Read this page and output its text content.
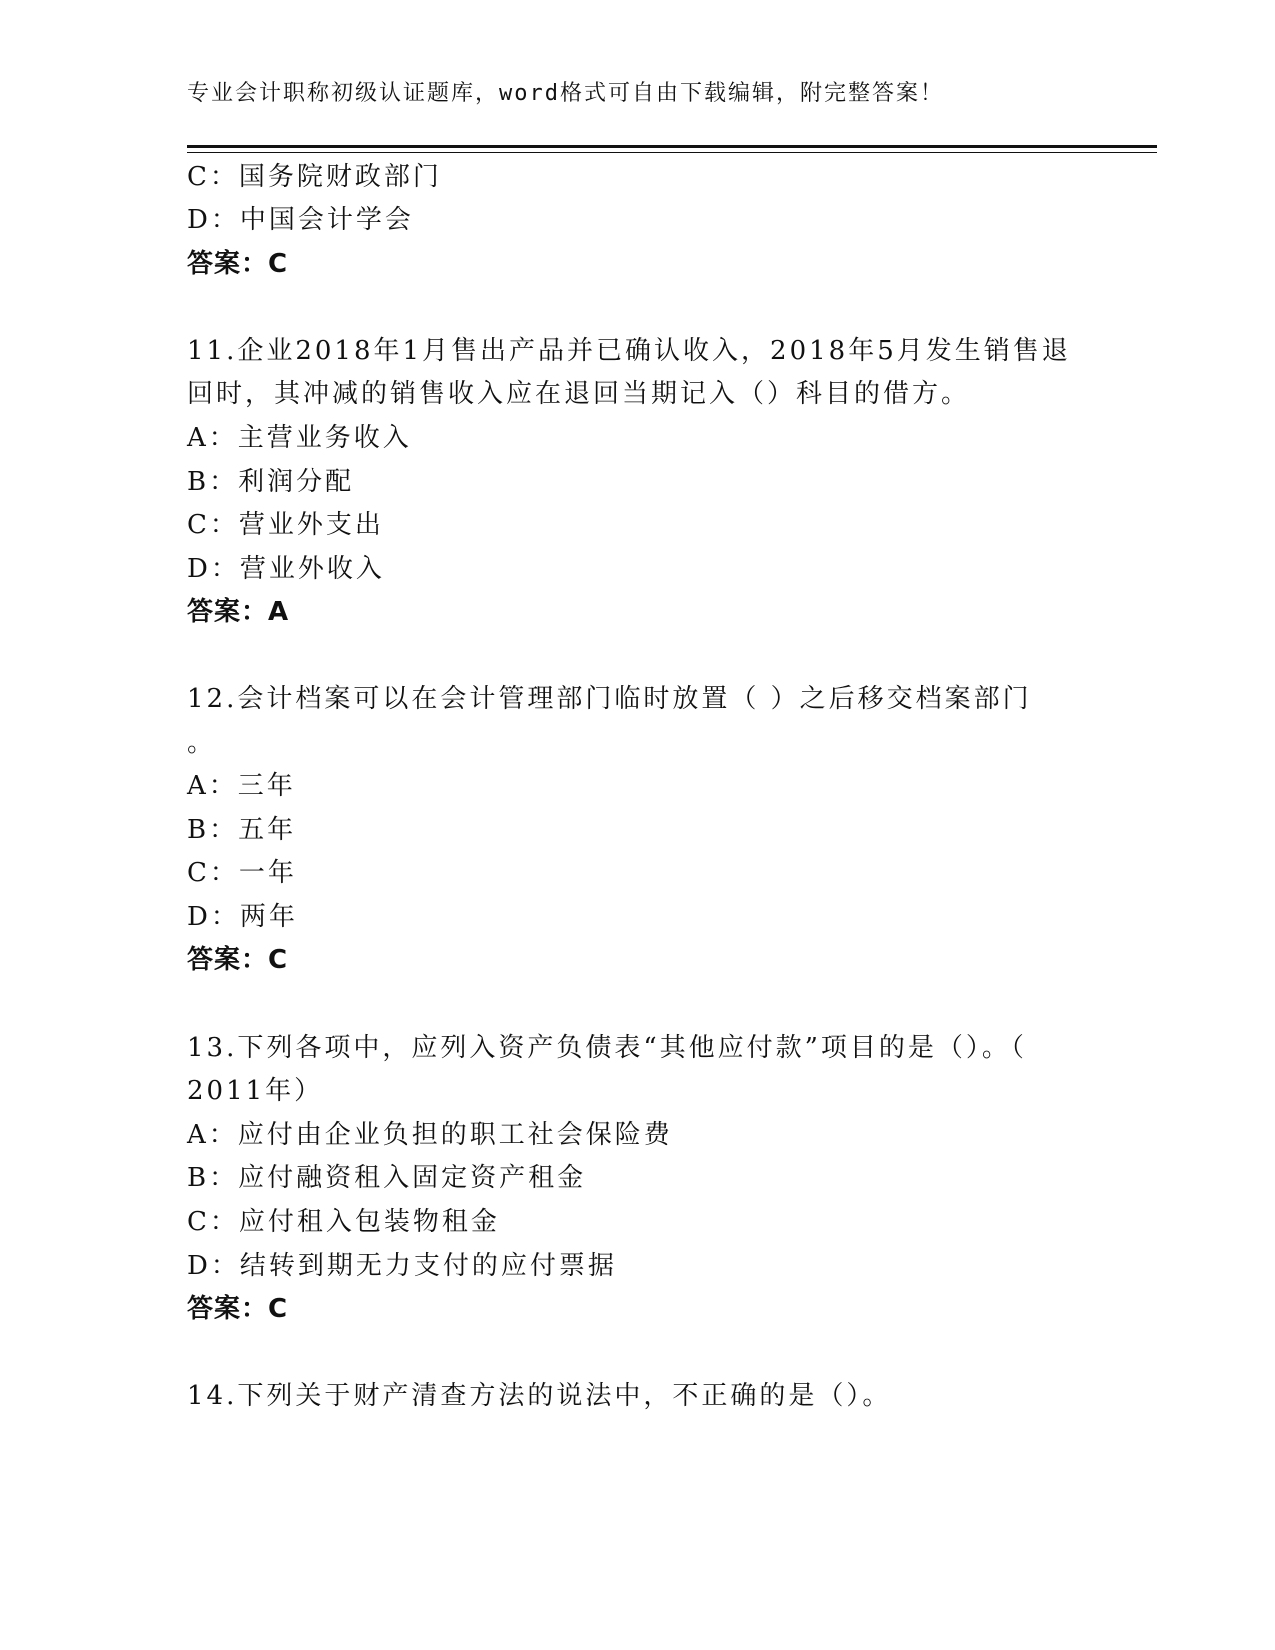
专业会计职称初级认证题库，word格式可自由下载编辑，附完整答案！
C：国务院财政部门
D：中国会计学会
答案：C
11.企业2018年1月售出产品并已确认收入，2018年5月发生销售退
回时，其冲减的销售收入应在退回当期记入（）科目的借方。
A：主营业务收入
B：利润分配
C：营业外支出
D：营业外收入
答案：A
12.会计档案可以在会计管理部门临时放置（ ）之后移交档案部门
。
A：三年
B：五年
C：一年
D：两年
答案：C
13.下列各项中，应列入资产负债表“其他应付款”项目的是（）。（
2011年）
A：应付由企业负担的职工社会保险费
B：应付融资租入固定资产租金
C：应付租入包装物租金
D：结转到期无力支付的应付票据
答案：C
14.下列关于财产清查方法的说法中，不正确的是（）。
